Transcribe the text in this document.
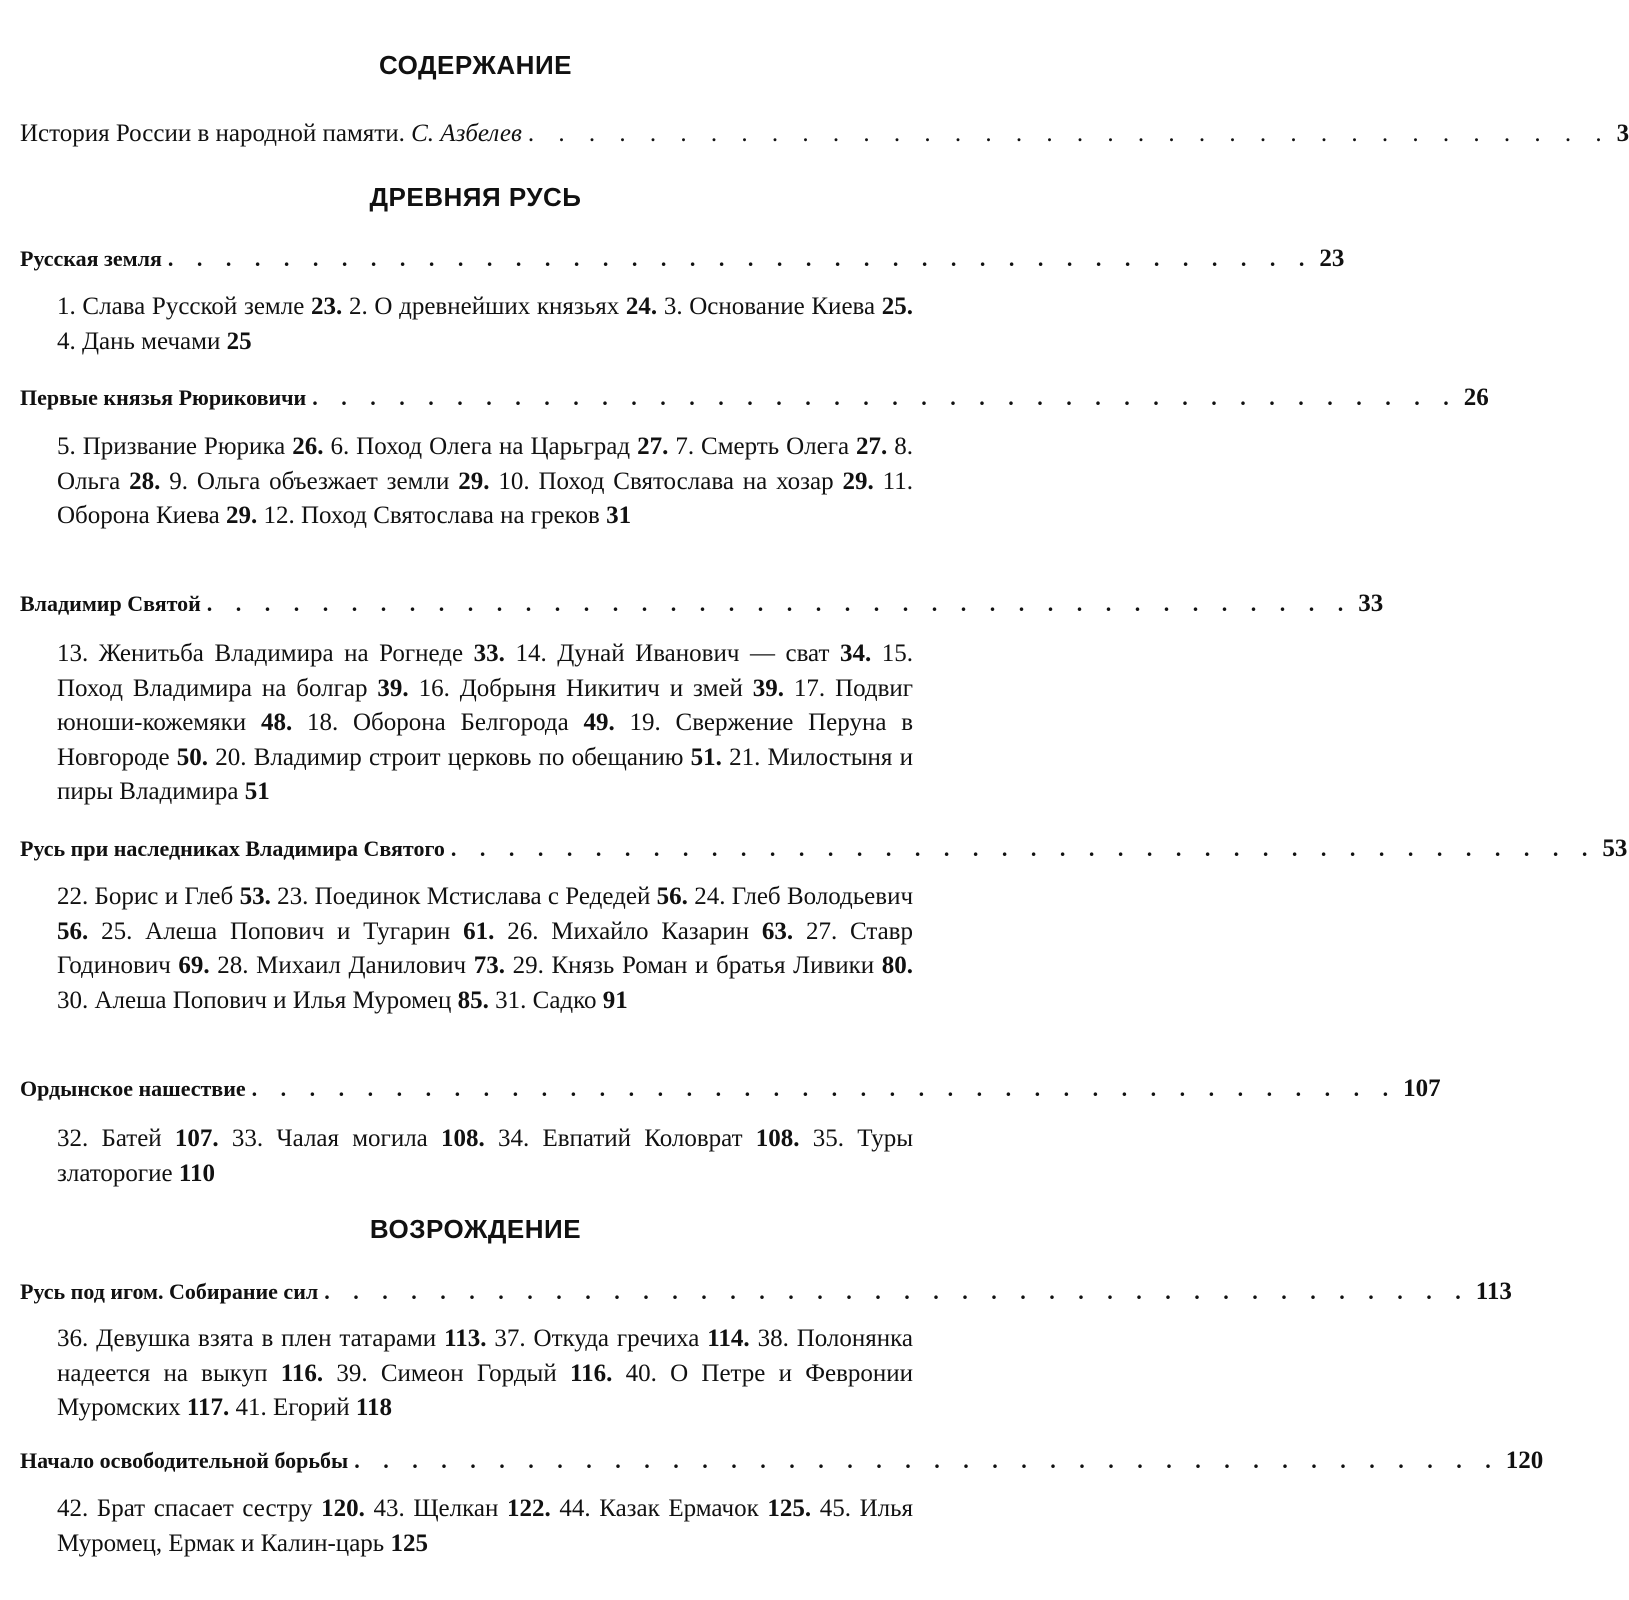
СОДЕРЖАНИЕ
История России в народной памяти. С. Азбелев . . . . . . . . . . . . . . . . . . . . . . . . . . . . . . . . . . . . 3
ДРЕВНЯЯ РУСЬ
Русская земля . . . . . . . . . . . . . . . . . . . . . . . . . . . . . . . . . . . . . . . . 23
1. Слава Русской земле 23. 2. О древнейших князьях 24. 3. Основание Киева 25. 4. Дань мечами 25
Первые князья Рюриковичи . . . . . . . . . . . . . . . . . . . . . . . . . . . . . . . . . . . . . . . . 26
5. Призвание Рюрика 26. 6. Поход Олега на Царьград 27. 7. Смерть Олега 27. 8. Ольга 28. 9. Ольга объезжает земли 29. 10. Поход Святослава на хозар 29. 11. Оборона Киева 29. 12. Поход Святослава на греков 31
Владимир Святой . . . . . . . . . . . . . . . . . . . . . . . . . . . . . . . . . . . . . . . . 33
13. Женитьба Владимира на Рогнеде 33. 14. Дунай Иванович — сват 34. 15. Поход Владимира на болгар 39. 16. Добрыня Никитич и змей 39. 17. Подвиг юноши-кожемяки 48. 18. Оборона Белгорода 49. 19. Свержение Перуна в Новгороде 50. 20. Владимир строит церковь по обещанию 51. 21. Милостыня и пиры Владимира 51
Русь при наследниках Владимира Святого . . . . . . . . . . . . . . . . . . . . . . . . . . . . . . . . . . . . . . . . 53
22. Борис и Глеб 53. 23. Поединок Мстислава с Редедей 56. 24. Глеб Володьевич 56. 25. Алеша Попович и Тугарин 61. 26. Михайло Казарин 63. 27. Ставр Годинович 69. 28. Михаил Данилович 73. 29. Князь Роман и братья Ливики 80. 30. Алеша Попович и Илья Муромец 85. 31. Садко 91
Ордынское нашествие . . . . . . . . . . . . . . . . . . . . . . . . . . . . . . . . . . . . . . . . 107
32. Батей 107. 33. Чалая могила 108. 34. Евпатий Коловрат 108. 35. Туры златорогие 110
ВОЗРОЖДЕНИЕ
Русь под игом. Собирание сил . . . . . . . . . . . . . . . . . . . . . . . . . . . . . . . . . . . . . . . . 113
36. Девушка взята в плен татарами 113. 37. Откуда гречиха 114. 38. Полонянка надеется на выкуп 116. 39. Симеон Гордый 116. 40. О Петре и Февронии Муромских 117. 41. Егорий 118
Начало освободительной борьбы . . . . . . . . . . . . . . . . . . . . . . . . . . . . . . . . . . . . . . . . 120
42. Брат спасает сестру 120. 43. Щелкан 122. 44. Казак Ермачок 125. 45. Илья Муромец, Ермак и Калин-царь 125
